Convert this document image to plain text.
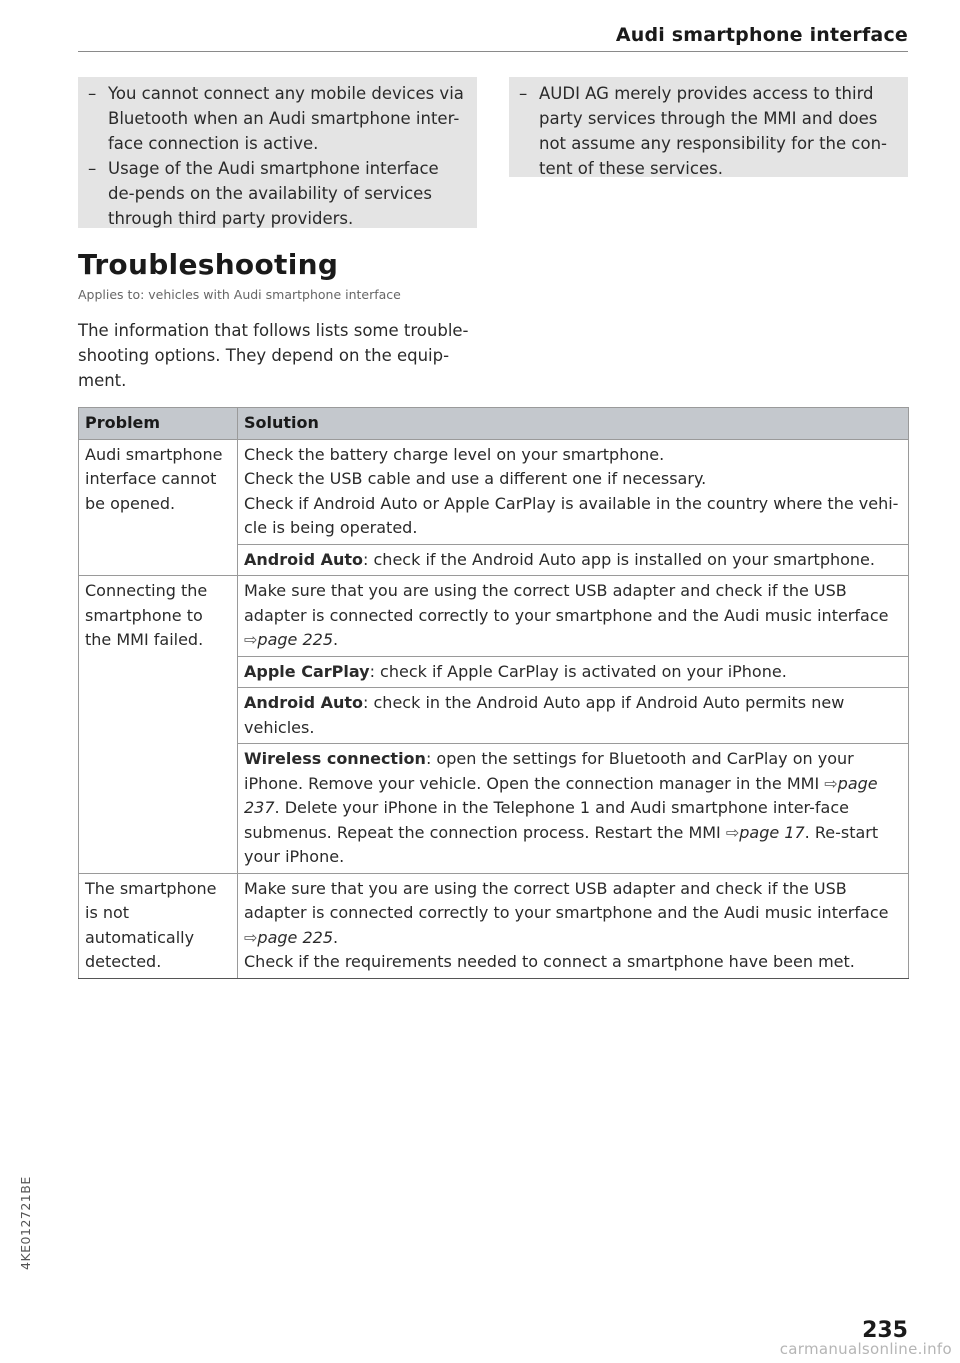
Audi smartphone interface
– You cannot connect any mobile devices via Bluetooth when an Audi smartphone inter-face connection is active.
– Usage of the Audi smartphone interface de-pends on the availability of services through third party providers.
– AUDI AG merely provides access to third party services through the MMI and does not assume any responsibility for the con-tent of these services.
Troubleshooting
Applies to: vehicles with Audi smartphone interface
The information that follows lists some trouble-shooting options. They depend on the equip-ment.
Problem	Solution
Audi smartphone interface cannot be opened.	Check the battery charge level on your smartphone.
Check the USB cable and use a different one if necessary.
Check if Android Auto or Apple CarPlay is available in the country where the vehi-cle is being operated.

	Android Auto: check if the Android Auto app is installed on your smartphone.
Connecting the smartphone to the MMI failed.	Make sure that you are using the correct USB adapter and check if the USB adapter is connected correctly to your smartphone and the Audi music interface ⇨page 225.
	Apple CarPlay: check if Apple CarPlay is activated on your iPhone.
	Android Auto: check in the Android Auto app if Android Auto permits new vehicles.
	Wireless connection: open the settings for Bluetooth and CarPlay on your iPhone. Remove your vehicle. Open the connection manager in the MMI ⇨page 237. Delete your iPhone in the Telephone 1 and Audi smartphone inter-face submenus. Repeat the connection process. Restart the MMI ⇨page 17. Re-start your iPhone.
The smartphone is not automatically detected.	Make sure that you are using the correct USB adapter and check if the USB adapter is connected correctly to your smartphone and the Audi music interface ⇨page 225.
Check if the requirements needed to connect a smartphone have been met.
4KE012721BE
235
carmanualsonline.info
